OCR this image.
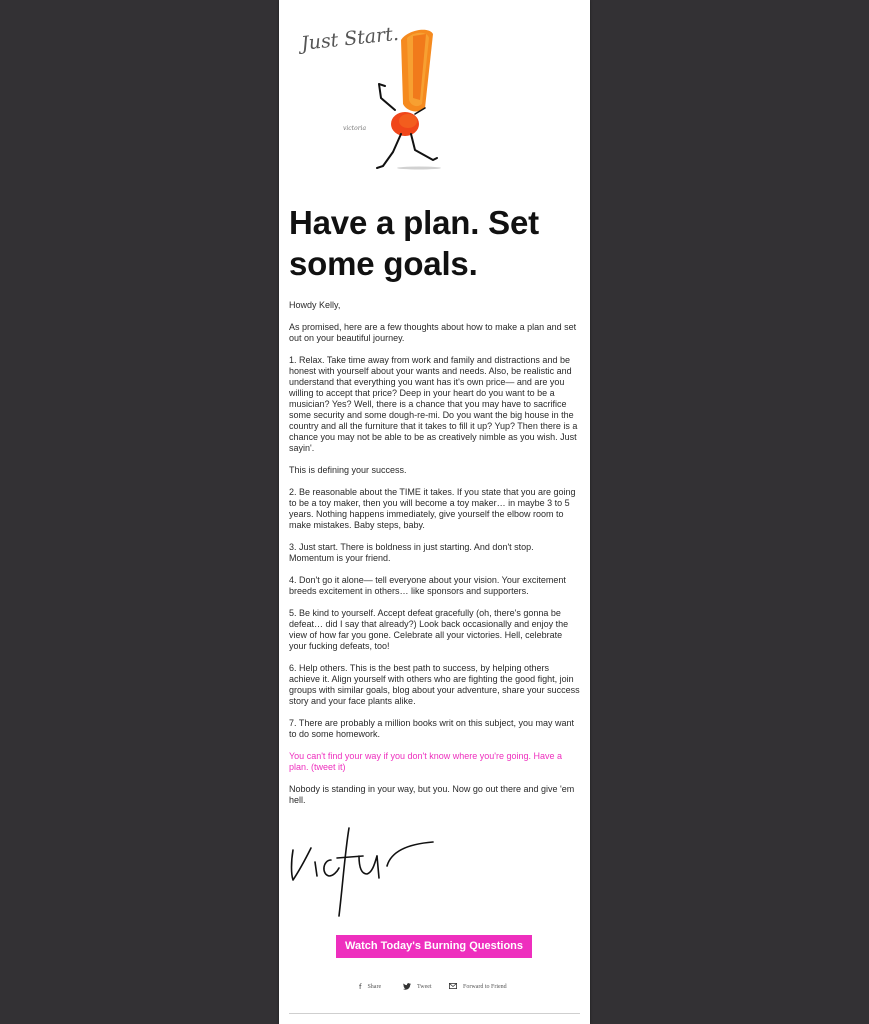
Just Start.
victoria
Have a plan. Set some goals.

Howdy Kelly,

As promised, here are a few thoughts about how to make a plan and set out on your beautiful journey.

1. Relax. Take time away from work and family and distractions and be honest with yourself about your wants and needs. Also, be realistic and understand that everything you want has it's own price— and are you willing to accept that price? Deep in your heart do you want to be a musician? Yes? Well, there is a chance that you may have to sacrifice some security and some dough-re-mi. Do you want the big house in the country and all the furniture that it takes to fill it up? Yup? Then there is a chance you may not be able to be as creatively nimble as you wish. Just sayin'.

This is defining your success.

2. Be reasonable about the TIME it takes. If you state that you are going to be a toy maker, then you will become a toy maker… in maybe 3 to 5 years. Nothing happens immediately, give yourself the elbow room to make mistakes. Baby steps, baby.

3. Just start. There is boldness in just starting. And don't stop. Momentum is your friend.

4. Don't go it alone— tell everyone about your vision. Your excitement breeds excitement in others… like sponsors and supporters.

5. Be kind to yourself. Accept defeat gracefully (oh, there's gonna be defeat… did I say that already?) Look back occasionally and enjoy the view of how far you gone. Celebrate all your victories. Hell, celebrate your fucking defeats, too!

6. Help others. This is the best path to success, by helping others achieve it. Align yourself with others who are fighting the good fight, join groups with similar goals, blog about your adventure, share your success story and your face plants alike.

7. There are probably a million books writ on this subject, you may want to do some homework.

You can't find your way if you don't know where you're going. Have a plan. (tweet it)

Nobody is standing in your way, but you. Now go out there and give 'em hell.

Watch Today's Burning Questions
f Share	Tweet	Forward to Friend
